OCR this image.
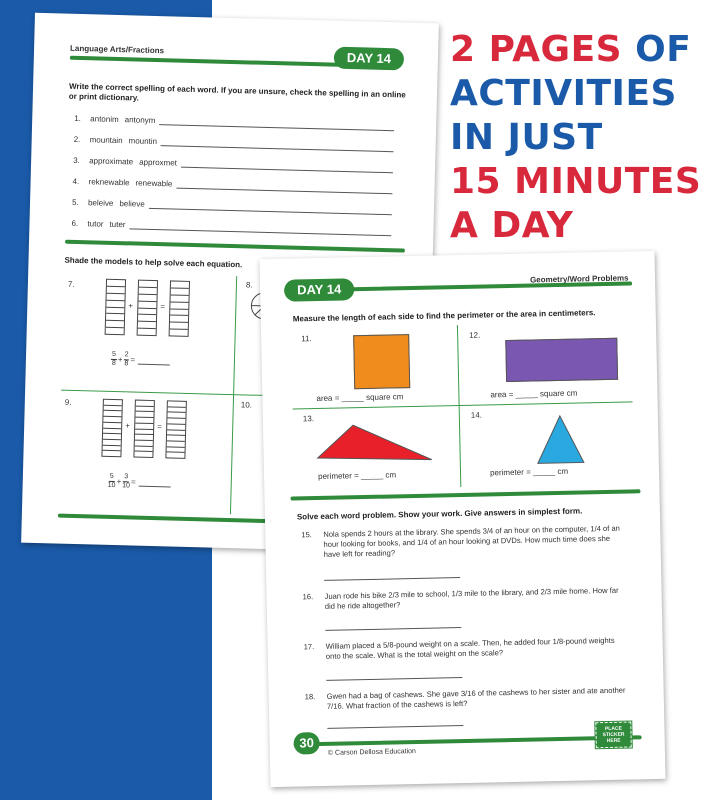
2 PAGES OF
ACTIVITIES
IN JUST
15 MINUTES
A DAY
Language Arts/Fractions
DAY 14
Write the correct spelling of each word. If you are unsure, check the spelling in an online or print dictionary.
1.	antonim antonym
2.	mountain mountin
3.	approximate approxmet
4.	reknewable renewable
5.	beleive believe
6.	tutor tuter
Shade the models to help solve each equation.
7.
+	=
$\frac{5}{8} + \frac{2}{8}$ =
8.
9.
+	=
$\frac{5}{10} + \frac{3}{10}$ =
10.
DAY 14
Geometry/Word Problems
Measure the length of each side to find the perimeter or the area in centimeters.
11.
area = _____ square cm
12.
area = _____ square cm
13.
perimeter = _____ cm
14.
perimeter = _____ cm
Solve each word problem. Show your work. Give answers in simplest form.
15. Nola spends 2 hours at the library. She spends 3/4 of an hour on the computer, 1/4 of an hour looking for books, and 1/4 of an hour looking at DVDs. How much time does she have left for reading?
16. Juan rode his bike 2/3 mile to school, 1/3 mile to the library, and 2/3 mile home. How far did he ride altogether?
17. William placed a 5/8-pound weight on a scale. Then, he added four 1/8-pound weights onto the scale. What is the total weight on the scale?
18. Gwen had a bag of cashews. She gave 3/16 of the cashews to her sister and ate another 7/16. What fraction of the cashews is left?
30
© Carson Dellosa Education
PLACE STICKER HERE
